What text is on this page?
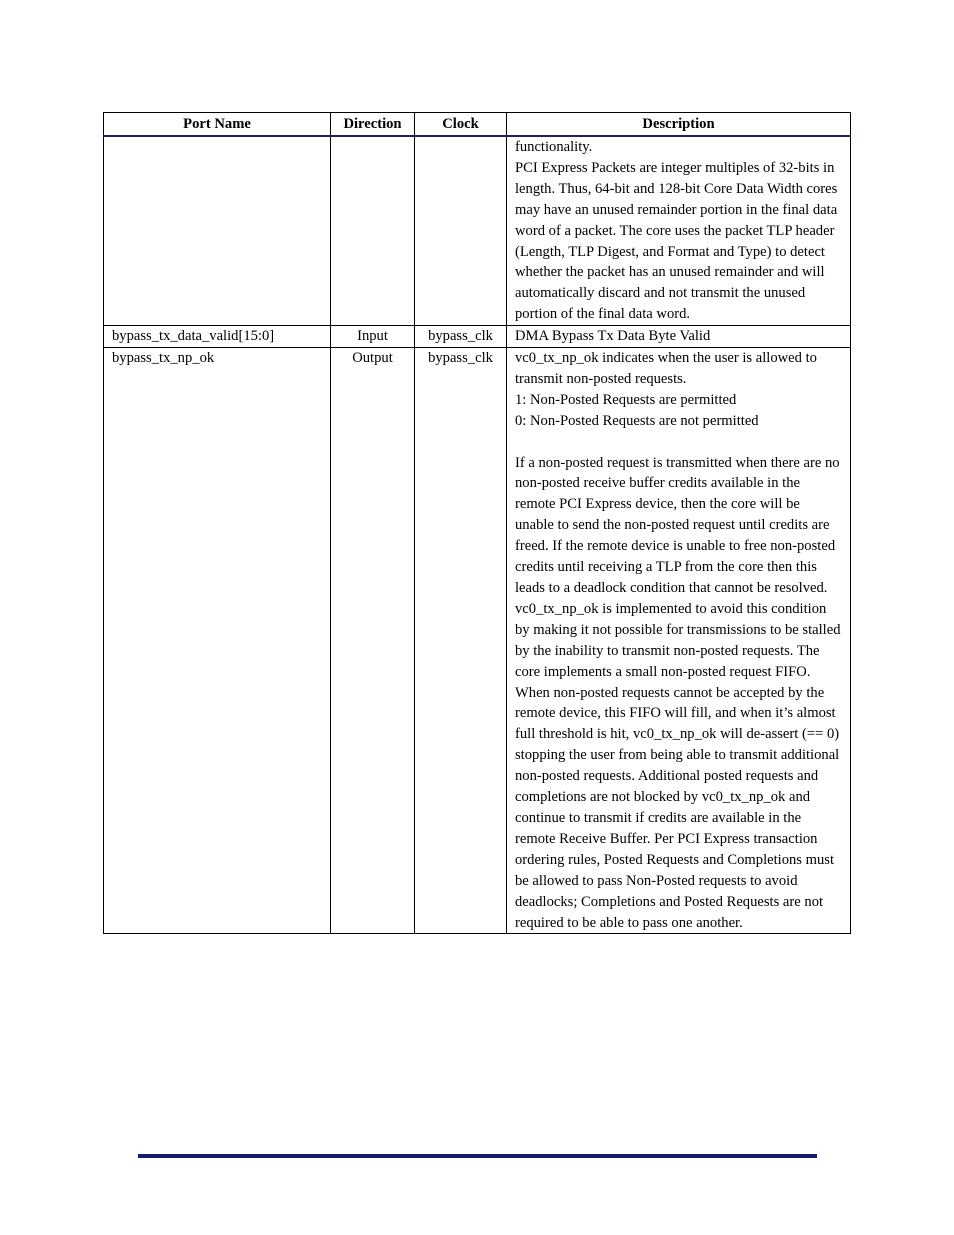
Port Name	Direction	Clock	Description

			functionality.

PCI Express Packets are integer multiples of 32-bits in length. Thus, 64-bit and 128-bit Core Data Width cores may have an unused remainder portion in the final data word of a packet. The core uses the packet TLP header (Length, TLP Digest, and Format and Type) to detect whether the packet has an unused remainder and will automatically discard and not transmit the unused portion of the final data word.

bypass_tx_data_valid[15:0]	Input	bypass_clk	DMA Bypass Tx Data Byte Valid

bypass_tx_np_ok	Output	bypass_clk	vc0_tx_np_ok indicates when the user is allowed to transmit non-posted requests.

1: Non-Posted Requests are permitted

0: Non-Posted Requests are not permitted

If a non-posted request is transmitted when there are no non-posted receive buffer credits available in the remote PCI Express device, then the core will be unable to send the non-posted request until credits are freed. If the remote device is unable to free non-posted credits until receiving a TLP from the core then this leads to a deadlock condition that cannot be resolved.

vc0_tx_np_ok is implemented to avoid this condition by making it not possible for transmissions to be stalled by the inability to transmit non-posted requests. The core implements a small non-posted request FIFO. When non-posted requests cannot be accepted by the remote device, this FIFO will fill, and when it’s almost full threshold is hit, vc0_tx_np_ok will de-assert (== 0) stopping the user from being able to transmit additional non-posted requests. Additional posted requests and completions are not blocked by vc0_tx_np_ok and continue to transmit if credits are available in the remote Receive Buffer. Per PCI Express transaction ordering rules, Posted Requests and Completions must be allowed to pass Non-Posted requests to avoid deadlocks; Completions and Posted Requests are not required to be able to pass one another.
